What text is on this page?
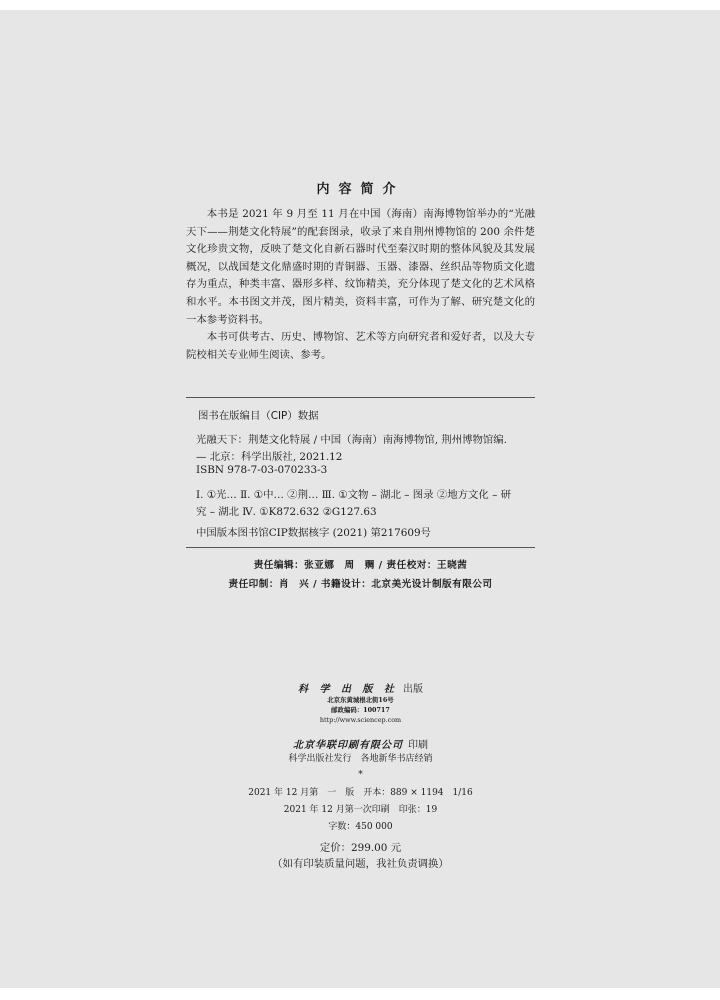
内容简介

本书是 2021 年 9 月至 11 月在中国（海南）南海博物馆举办的“光融天下——荆楚文化特展”的配套图录，收录了来自荆州博物馆的 200 余件楚文化珍贵文物，反映了楚文化自新石器时代至秦汉时期的整体风貌及其发展概况，以战国楚文化鼎盛时期的青铜器、玉器、漆器、丝织品等物质文化遗存为重点，种类丰富、器形多样、纹饰精美，充分体现了楚文化的艺术风格和水平。本书图文并茂，图片精美，资料丰富，可作为了解、研究楚文化的一本参考资料书。

本书可供考古、历史、博物馆、艺术等方向研究者和爱好者，以及大专院校相关专业师生阅读、参考。

图书在版编目（CIP）数据
光融天下：荆楚文化特展 / 中国（海南）南海博物馆, 荆州博物馆编.
— 北京：科学出版社, 2021.12
ISBN 978-7-03-070233-3
Ⅰ. ①光… Ⅱ. ①中… ②荆… Ⅲ. ①文物 – 湖北 – 图录 ②地方文化 – 研
究 – 湖北 Ⅳ. ①K872.632 ②G127.63
中国版本图书馆CIP数据核字 (2021) 第217609号
责任编辑：张亚娜　周　赒 / 责任校对：王晓茜
责任印制：肖　兴 / 书籍设计：北京美光设计制版有限公司
科 学 出 版 社 出版
北京东黄城根北街16号
邮政编码：100717
http://www.sciencep.com
北京华联印刷有限公司 印刷
科学出版社发行　各地新华书店经销
*
2021 年 12 月第　一　版　开本：889 × 1194　1/16
2021 年 12 月第一次印刷　印张：19
字数：450 000
定价：299.00 元
（如有印装质量问题，我社负责调换）
